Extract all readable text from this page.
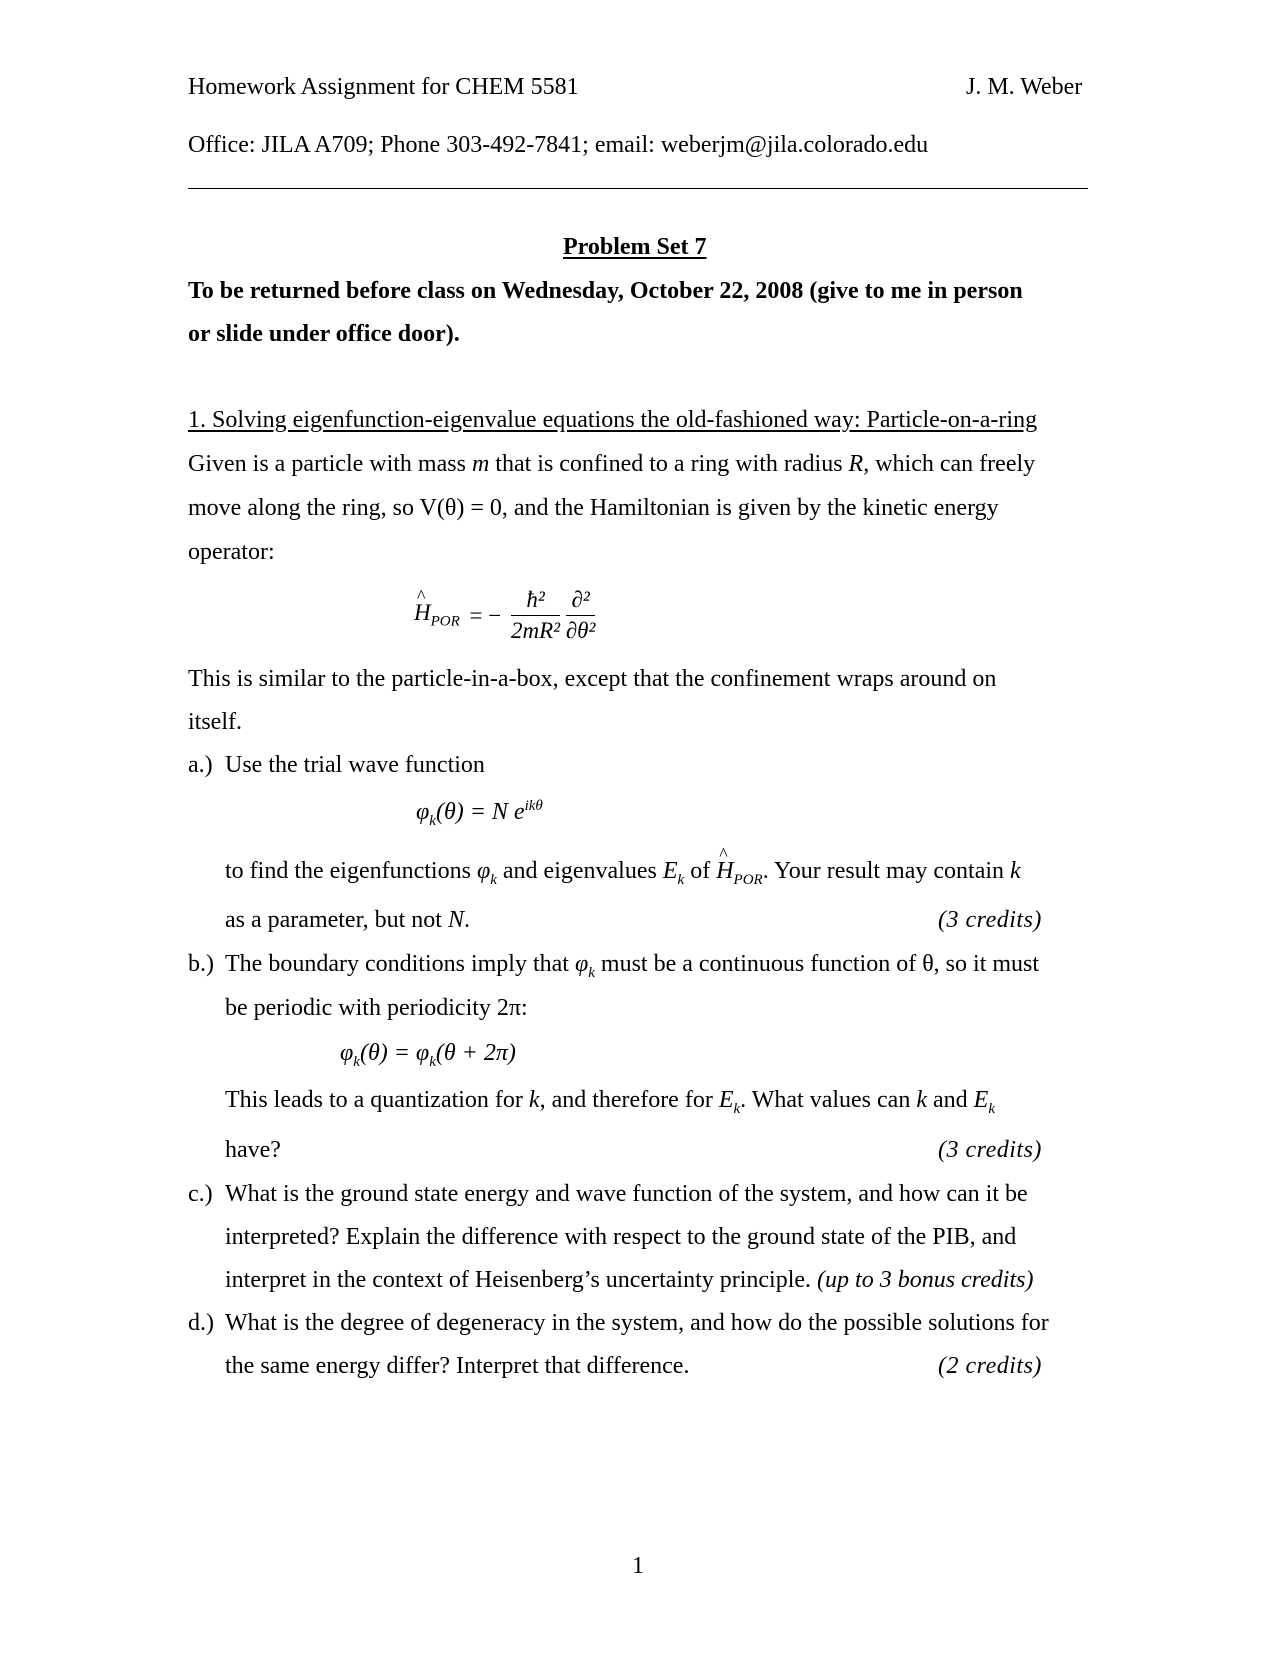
Homework Assignment for CHEM 5581	J. M. Weber
Office: JILA A709; Phone 303-492-7841; email: weberjm@jila.colorado.edu
Problem Set 7
To be returned before class on Wednesday, October 22, 2008 (give to me in person
or slide under office door).
1. Solving eigenfunction-eigenvalue equations the old-fashioned way: Particle-on-a-ring
Given is a particle with mass m that is confined to a ring with radius R, which can freely
move along the ring, so V(θ) = 0, and the Hamiltonian is given by the kinetic energy
operator:
^ $H_{POR}$ = − $\frac{\text{ħ²}}{\text{2mR²}}$
$\frac{\text{∂²}}{\text{∂θ²}}$
This is similar to the particle-in-a-box, except that the confinement wraps around on
itself.
a.) Use the trial wave function
$\varphi_k(\theta) = N$ $e^{ik\theta}$
to find the eigenfunctions $\varphi_k$ and eigenvalues $E_k$ of ^ $H_{POR}$. Your result may contain k
as a parameter, but not N.	(3 credits)
b.) The boundary conditions imply that $\varphi_k$ must be a continuous function of θ, so it must
be periodic with periodicity 2π:
$\varphi_k(\theta) = \varphi_k(\theta + 2\pi)$
This leads to a quantization for k, and therefore for $E_k$. What values can k and $E_k$
have?	(3 credits)
c.) What is the ground state energy and wave function of the system, and how can it be
interpreted? Explain the difference with respect to the ground state of the PIB, and
interpret in the context of Heisenberg’s uncertainty principle. (up to 3 bonus credits)
d.) What is the degree of degeneracy in the system, and how do the possible solutions for
the same energy differ? Interpret that difference.	(2 credits)
1
